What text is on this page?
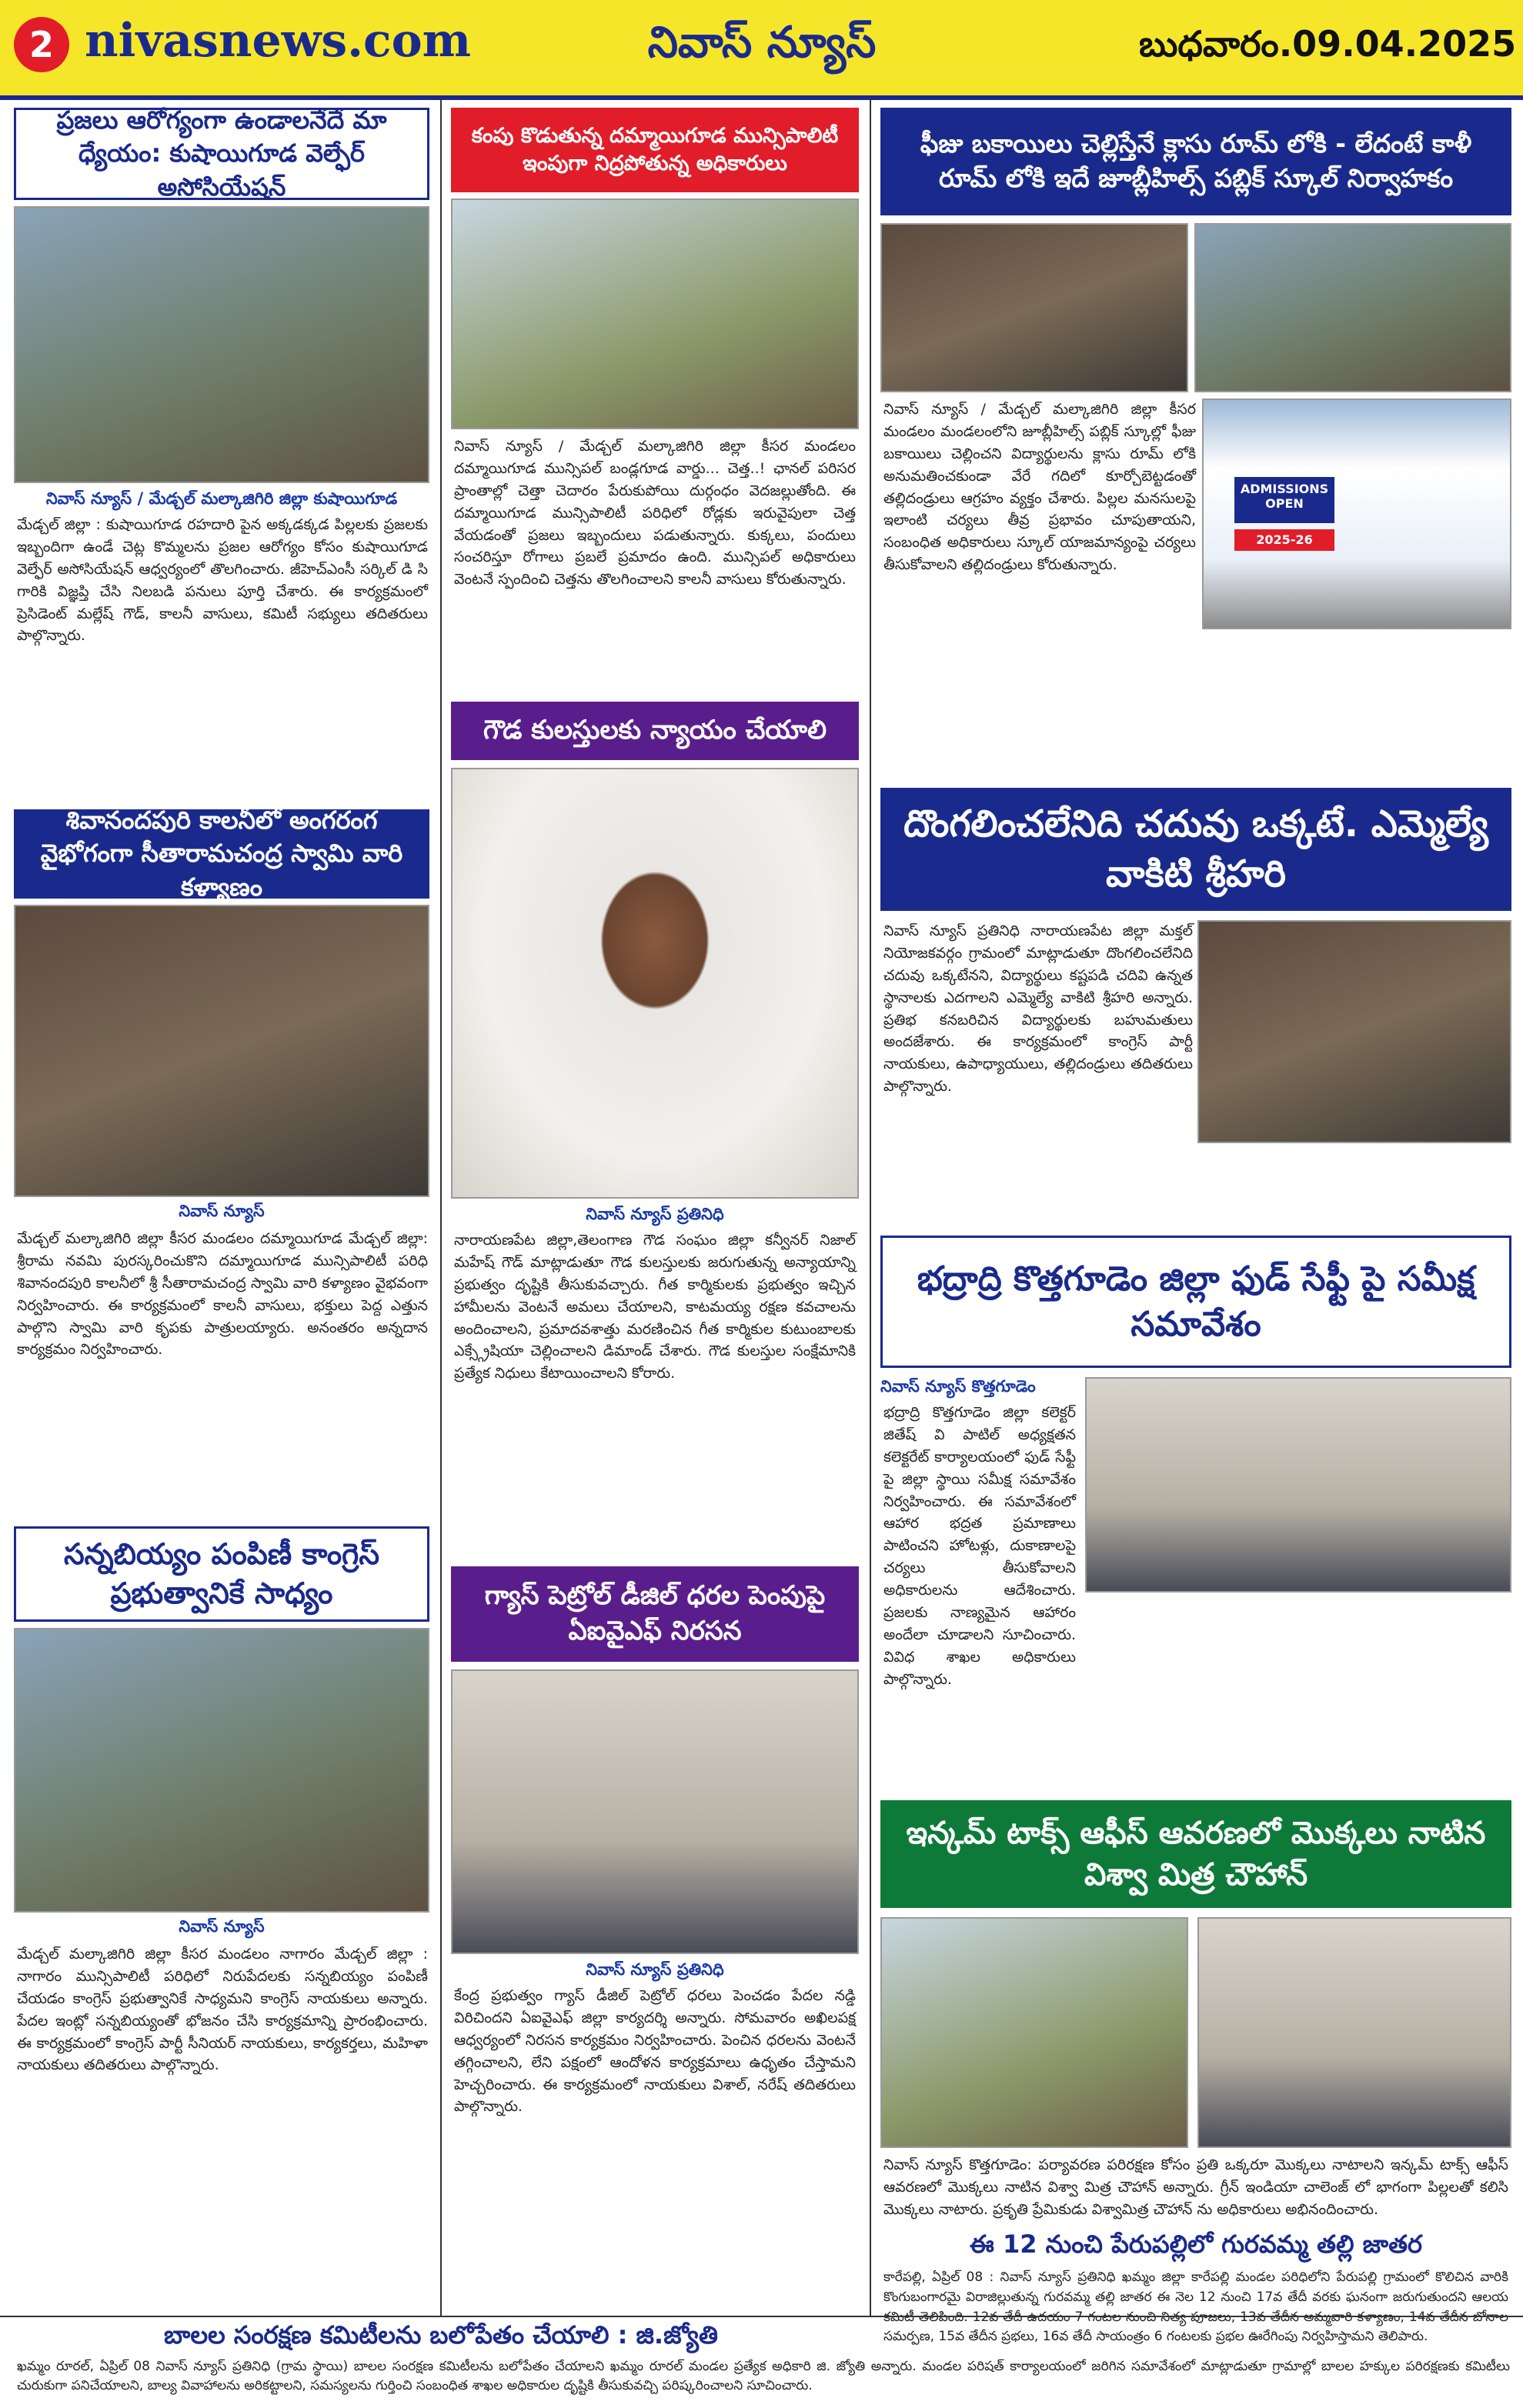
2 nivasnews.com	నివాస్ న్యూస్	బుధవారం.09.04.2025
ప్రజలు ఆరోగ్యంగా ఉండాలనేదే మా ధ్యేయం: కుషాయిగూడ వెల్ఫేర్ అసోసియేషన్
నివాస్ న్యూస్ / మేడ్చల్ మల్కాజిగిరి జిల్లా కుషాయిగూడ
మేడ్చల్ జిల్లా : కుషాయిగూడ రహదారి పైన అక్కడక్కడ పిల్లలకు ప్రజలకు ఇబ్బందిగా ఉండే చెట్ల కొమ్మలను ప్రజల ఆరోగ్యం కోసం కుషాయిగూడ వెల్ఫేర్ అసోసియేషన్ ఆధ్వర్యంలో తొలగించారు. జీహెచ్ఎంసీ సర్కిల్ డి సి గారికి విజ్ఞప్తి చేసి నిలబడి పనులు పూర్తి చేశారు. ఈ కార్యక్రమంలో ప్రెసిడెంట్ మల్లేష్ గౌడ్, కాలనీ వాసులు, కమిటీ సభ్యులు తదితరులు పాల్గొన్నారు.
శివానందపురి కాలనీలో అంగరంగ వైభోగంగా సీతారామచంద్ర స్వామి వారి కళ్యాణం
నివాస్ న్యూస్
మేడ్చల్ మల్కాజిగిరి జిల్లా కీసర మండలం దమ్మాయిగూడ మేడ్చల్ జిల్లా: శ్రీరామ నవమి పురస్కరించుకొని దమ్మాయిగూడ మున్సిపాలిటీ పరిధి శివానందపురి కాలనీలో శ్రీ సీతారామచంద్ర స్వామి వారి కళ్యాణం వైభవంగా నిర్వహించారు. ఈ కార్యక్రమంలో కాలనీ వాసులు, భక్తులు పెద్ద ఎత్తున పాల్గొని స్వామి వారి కృపకు పాత్రులయ్యారు. అనంతరం అన్నదాన కార్యక్రమం నిర్వహించారు.
సన్నబియ్యం పంపిణీ కాంగ్రెస్ ప్రభుత్వానికే సాధ్యం
నివాస్ న్యూస్
మేడ్చల్ మల్కాజిగిరి జిల్లా కీసర మండలం నాగారం మేడ్చల్ జిల్లా : నాగారం మున్సిపాలిటీ పరిధిలో నిరుపేదలకు సన్నబియ్యం పంపిణీ చేయడం కాంగ్రెస్ ప్రభుత్వానికే సాధ్యమని కాంగ్రెస్ నాయకులు అన్నారు. పేదల ఇంట్లో సన్నబియ్యంతో భోజనం చేసి కార్యక్రమాన్ని ప్రారంభించారు. ఈ కార్యక్రమంలో కాంగ్రెస్ పార్టీ సీనియర్ నాయకులు, కార్యకర్తలు, మహిళా నాయకులు తదితరులు పాల్గొన్నారు.
కంపు కొడుతున్న దమ్మాయిగూడ మున్సిపాలిటీ ఇంపుగా నిద్రపోతున్న అధికారులు
నివాస్ న్యూస్ / మేడ్చల్ మల్కాజిగిరి జిల్లా కీసర మండలం దమ్మాయిగూడ మున్సిపల్ బండ్లగూడ వార్డు... చెత్త..! ఛానల్ పరిసర ప్రాంతాల్లో చెత్తా చెదారం పేరుకుపోయి దుర్గంధం వెదజల్లుతోంది. ఈ దమ్మాయిగూడ మున్సిపాలిటీ పరిధిలో రోడ్లకు ఇరువైపులా చెత్త వేయడంతో ప్రజలు ఇబ్బందులు పడుతున్నారు. కుక్కలు, పందులు సంచరిస్తూ రోగాలు ప్రబలే ప్రమాదం ఉంది. మున్సిపల్ అధికారులు వెంటనే స్పందించి చెత్తను తొలగించాలని కాలనీ వాసులు కోరుతున్నారు.
గౌడ కులస్తులకు న్యాయం చేయాలి
నివాస్ న్యూస్ ప్రతినిధి
నారాయణపేట జిల్లా,తెలంగాణ గౌడ సంఘం జిల్లా కన్వీనర్ నిజాల్ మహేష్ గౌడ్ మాట్లాడుతూ గౌడ కులస్తులకు జరుగుతున్న అన్యాయాన్ని ప్రభుత్వం దృష్టికి తీసుకువచ్చారు. గీత కార్మికులకు ప్రభుత్వం ఇచ్చిన హామీలను వెంటనే అమలు చేయాలని, కాటమయ్య రక్షణ కవచాలను అందించాలని, ప్రమాదవశాత్తు మరణించిన గీత కార్మికుల కుటుంబాలకు ఎక్స్గ్రేషియా చెల్లించాలని డిమాండ్ చేశారు. గౌడ కులస్తుల సంక్షేమానికి ప్రత్యేక నిధులు కేటాయించాలని కోరారు.
గ్యాస్ పెట్రోల్ డీజిల్ ధరల పెంపుపై ఏఐవైఎఫ్ నిరసన
నివాస్ న్యూస్ ప్రతినిధి
కేంద్ర ప్రభుత్వం గ్యాస్ డీజిల్ పెట్రోల్ ధరలు పెంచడం పేదల నడ్డి విరిచిందని ఏఐవైఎఫ్ జిల్లా కార్యదర్శి అన్నారు. సోమవారం అఖిలపక్ష ఆధ్వర్యంలో నిరసన కార్యక్రమం నిర్వహించారు. పెంచిన ధరలను వెంటనే తగ్గించాలని, లేని పక్షంలో ఆందోళన కార్యక్రమాలు ఉధృతం చేస్తామని హెచ్చరించారు. ఈ కార్యక్రమంలో నాయకులు విశాల్, నరేష్ తదితరులు పాల్గొన్నారు.
ఫీజు బకాయిలు చెల్లిస్తేనే క్లాసు రూమ్ లోకి - లేదంటే కాళీ రూమ్ లోకి ఇదే జూబ్లీహిల్స్ పబ్లిక్ స్కూల్ నిర్వాహకం
నివాస్ న్యూస్ / మేడ్చల్ మల్కాజిగిరి జిల్లా కీసర మండలం మండలంలోని జూబ్లీహిల్స్ పబ్లిక్ స్కూల్లో ఫీజు బకాయిలు చెల్లించని విద్యార్థులను క్లాసు రూమ్ లోకి అనుమతించకుండా వేరే గదిలో కూర్చోబెట్టడంతో తల్లిదండ్రులు ఆగ్రహం వ్యక్తం చేశారు. పిల్లల మనసులపై ఇలాంటి చర్యలు తీవ్ర ప్రభావం చూపుతాయని, సంబంధిత అధికారులు స్కూల్ యాజమాన్యంపై చర్యలు తీసుకోవాలని తల్లిదండ్రులు కోరుతున్నారు.
ADMISSIONS
OPEN
2025-26
దొంగలించలేనిది చదువు ఒక్కటే. ఎమ్మెల్యే వాకిటి శ్రీహరి
నివాస్ న్యూస్ ప్రతినిధి నారాయణపేట జిల్లా మక్తల్ నియోజకవర్గం గ్రామంలో మాట్లాడుతూ దొంగలించలేనిది చదువు ఒక్కటేనని, విద్యార్థులు కష్టపడి చదివి ఉన్నత స్థానాలకు ఎదగాలని ఎమ్మెల్యే వాకిటి శ్రీహరి అన్నారు. ప్రతిభ కనబరిచిన విద్యార్థులకు బహుమతులు అందజేశారు. ఈ కార్యక్రమంలో కాంగ్రెస్ పార్టీ నాయకులు, ఉపాధ్యాయులు, తల్లిదండ్రులు తదితరులు పాల్గొన్నారు.
భద్రాద్రి కొత్తగూడెం జిల్లా ఫుడ్ సేఫ్టీ పై సమీక్ష సమావేశం
నివాస్ న్యూస్ కొత్తగూడెం
భద్రాద్రి కొత్తగూడెం జిల్లా కలెక్టర్ జితేష్ వి పాటిల్ అధ్యక్షతన కలెక్టరేట్ కార్యాలయంలో ఫుడ్ సేఫ్టీ పై జిల్లా స్థాయి సమీక్ష సమావేశం నిర్వహించారు. ఈ సమావేశంలో ఆహార భద్రత ప్రమాణాలు పాటించని హోటళ్లు, దుకాణాలపై చర్యలు తీసుకోవాలని అధికారులను ఆదేశించారు. ప్రజలకు నాణ్యమైన ఆహారం అందేలా చూడాలని సూచించారు. వివిధ శాఖల అధికారులు పాల్గొన్నారు.
ఇన్కమ్ టాక్స్ ఆఫీస్ ఆవరణలో మొక్కలు నాటిన విశ్వా మిత్ర చౌహాన్
నివాస్ న్యూస్ కొత్తగూడెం: పర్యావరణ పరిరక్షణ కోసం ప్రతి ఒక్కరూ మొక్కలు నాటాలని ఇన్కమ్ టాక్స్ ఆఫీస్ ఆవరణలో మొక్కలు నాటిన విశ్వా మిత్ర చౌహాన్ అన్నారు. గ్రీన్ ఇండియా చాలెంజ్ లో భాగంగా పిల్లలతో కలిసి మొక్కలు నాటారు. ప్రకృతి ప్రేమికుడు విశ్వామిత్ర చౌహాన్ ను అధికారులు అభినందించారు.
ఈ 12 నుంచి పేరుపల్లిలో గురవమ్మ తల్లి జాతర
కారేపల్లి, ఏప్రిల్ 08 : నివాస్ న్యూస్ ప్రతినిధి ఖమ్మం జిల్లా కారేపల్లి మండల పరిధిలోని పేరుపల్లి గ్రామంలో కొలిచిన వారికి కొంగుబంగారమై విరాజిల్లుతున్న గురవమ్మ తల్లి జాతర ఈ నెల 12 నుంచి 17వ తేదీ వరకు ఘనంగా జరుగుతుందని ఆలయ సమర్పణ, 15వ తేదీన ప్రభలు, 16వ తేదీ సాయంత్రం 6 గంటలకు ప్రభల ఊరేగింపు నిర్వహిస్తామని తెలిపారు.
బాలల సంరక్షణ కమిటీలను బలోపేతం చేయాలి : జి.జ్యోతి
ఖమ్మం రూరల్, ఏప్రిల్ 08 నివాస్ న్యూస్ ప్రతినిధి (గ్రామ స్థాయి) బాలల సంరక్షణ కమిటీలను బలోపేతం చేయాలని ఖమ్మం రూరల్ మండల ప్రత్యేక అధికారి జి. జ్యోతి అన్నారు. మండల పరిషత్ కార్యాలయంలో జరిగిన సమావేశంలో మాట్లాడుతూ గ్రామాల్లో బాలల హక్కుల పరిరక్షణకు కమిటీలు చురుకుగా పనిచేయాలని, బాల్య వివాహాలను అరికట్టాలని, సమస్యలను గుర్తించి సంబంధిత శాఖల అధికారుల దృష్టికి తీసుకువచ్చి పరిష్కరించాలని సూచించారు.
